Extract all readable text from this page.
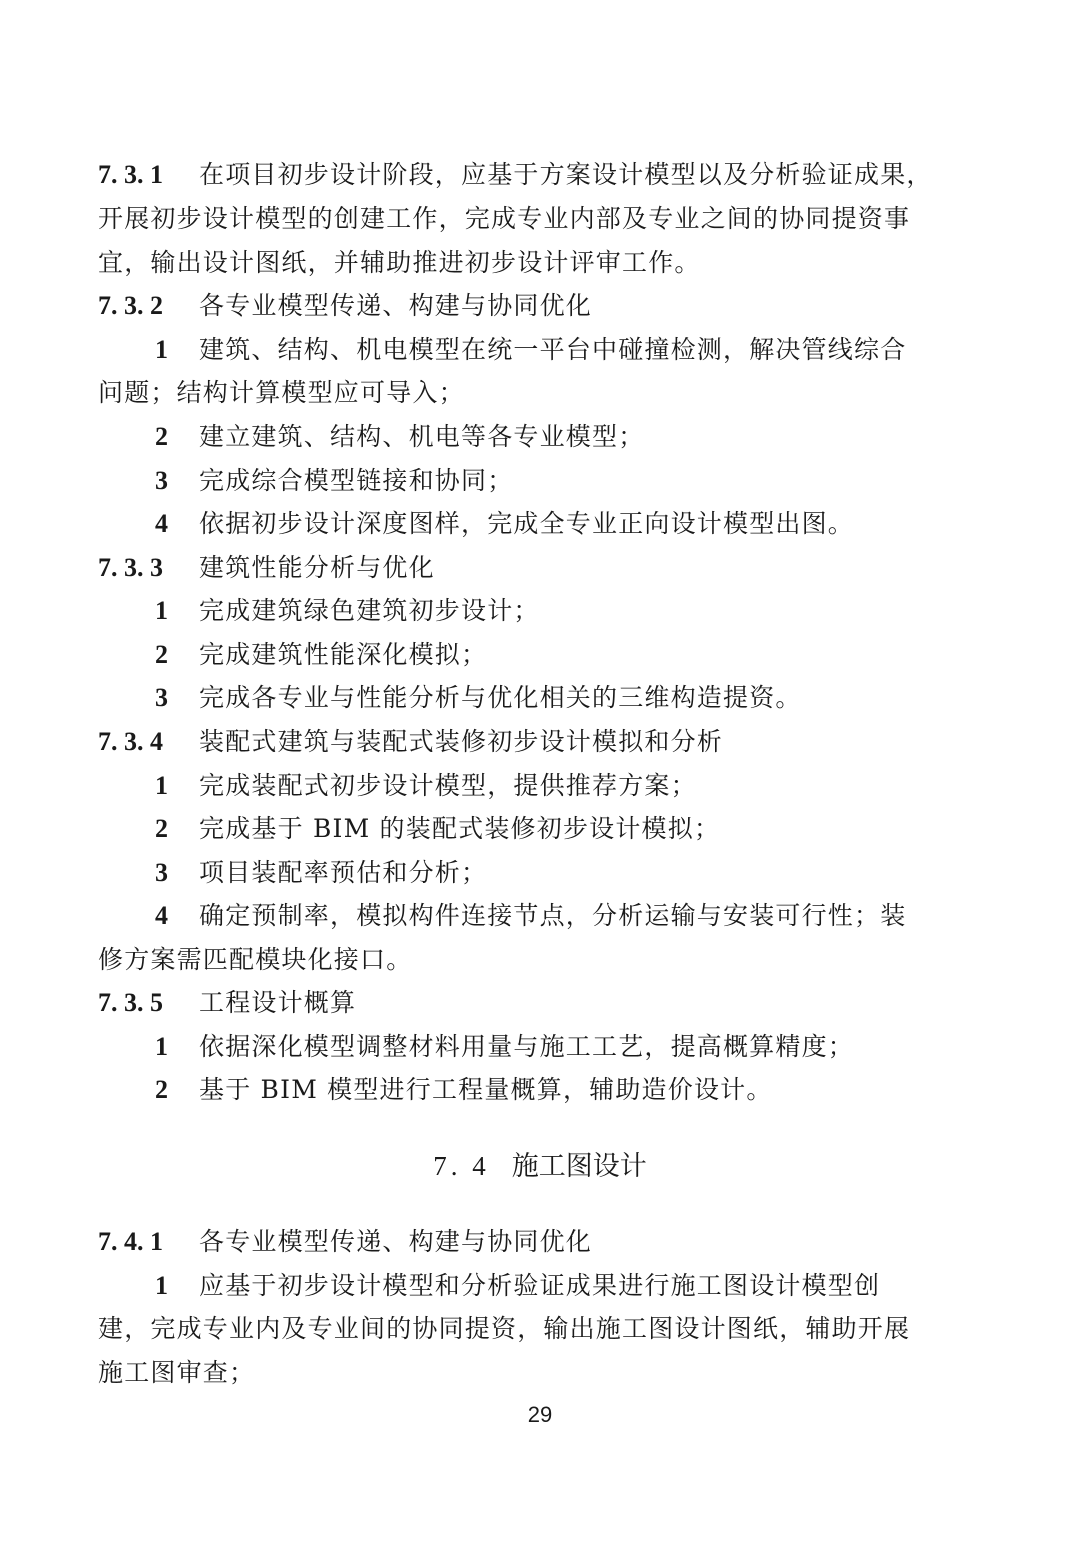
7. 3. 1 在项目初步设计阶段，应基于方案设计模型以及分析验证成果，
开展初步设计模型的创建工作，完成专业内部及专业之间的协同提资事
宜，输出设计图纸，并辅助推进初步设计评审工作。
7. 3. 2 各专业模型传递、构建与协同优化
1 建筑、结构、机电模型在统一平台中碰撞检测，解决管线综合
问题；结构计算模型应可导入；
2 建立建筑、结构、机电等各专业模型；
3 完成综合模型链接和协同；
4 依据初步设计深度图样，完成全专业正向设计模型出图。
7. 3. 3 建筑性能分析与优化
1 完成建筑绿色建筑初步设计；
2 完成建筑性能深化模拟；
3 完成各专业与性能分析与优化相关的三维构造提资。
7. 3. 4 装配式建筑与装配式装修初步设计模拟和分析
1 完成装配式初步设计模型，提供推荐方案；
2 完成基于 BIM 的装配式装修初步设计模拟；
3 项目装配率预估和分析；
4 确定预制率，模拟构件连接节点，分析运输与安装可行性；装
修方案需匹配模块化接口。
7. 3. 5 工程设计概算
1 依据深化模型调整材料用量与施工工艺，提高概算精度；
2 基于 BIM 模型进行工程量概算，辅助造价设计。
7. 4 施工图设计
7. 4. 1 各专业模型传递、构建与协同优化
1 应基于初步设计模型和分析验证成果进行施工图设计模型创
建，完成专业内及专业间的协同提资，输出施工图设计图纸，辅助开展
施工图审查；
29
